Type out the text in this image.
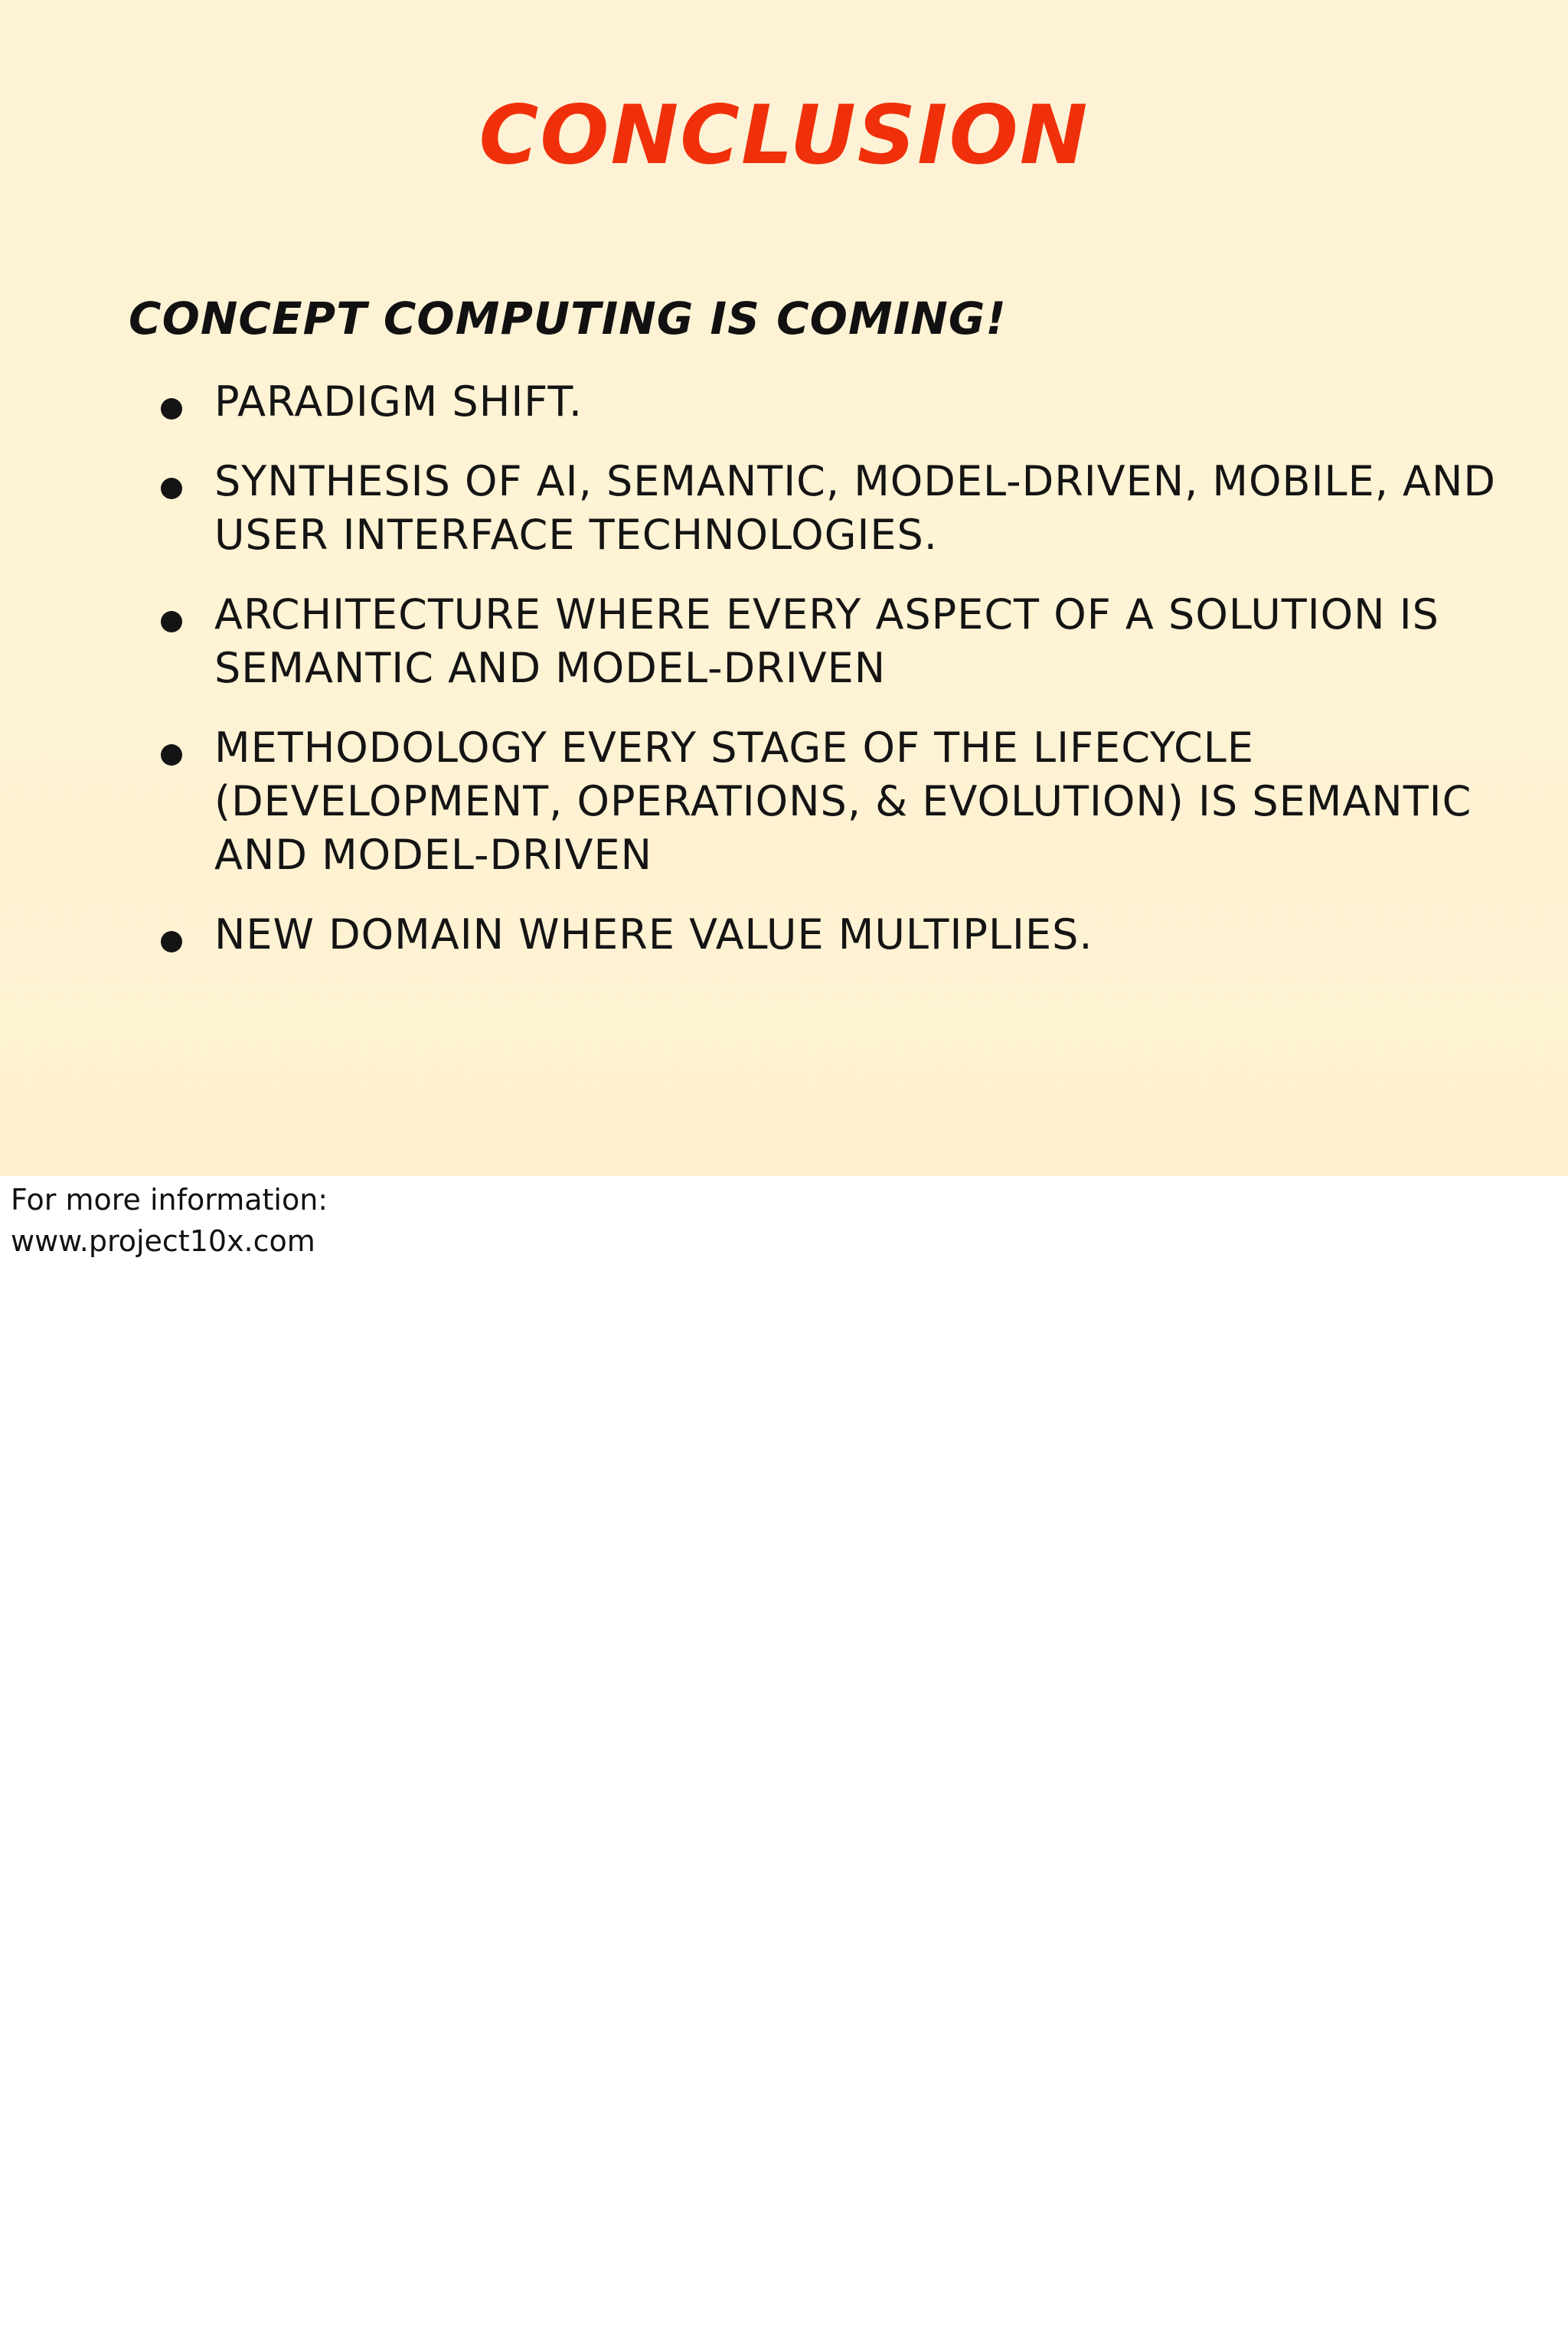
CONCLUSION
CONCEPT COMPUTING IS COMING!
PARADIGM SHIFT.
SYNTHESIS OF AI, SEMANTIC, MODEL-DRIVEN, MOBILE, AND USER INTERFACE TECHNOLOGIES.
ARCHITECTURE WHERE EVERY ASPECT OF A SOLUTION IS SEMANTIC AND MODEL-DRIVEN
METHODOLOGY EVERY STAGE OF THE LIFECYCLE (DEVELOPMENT, OPERATIONS, & EVOLUTION) IS SEMANTIC AND MODEL-DRIVEN
NEW DOMAIN WHERE VALUE MULTIPLIES.
For more information:
www.project10x.com
